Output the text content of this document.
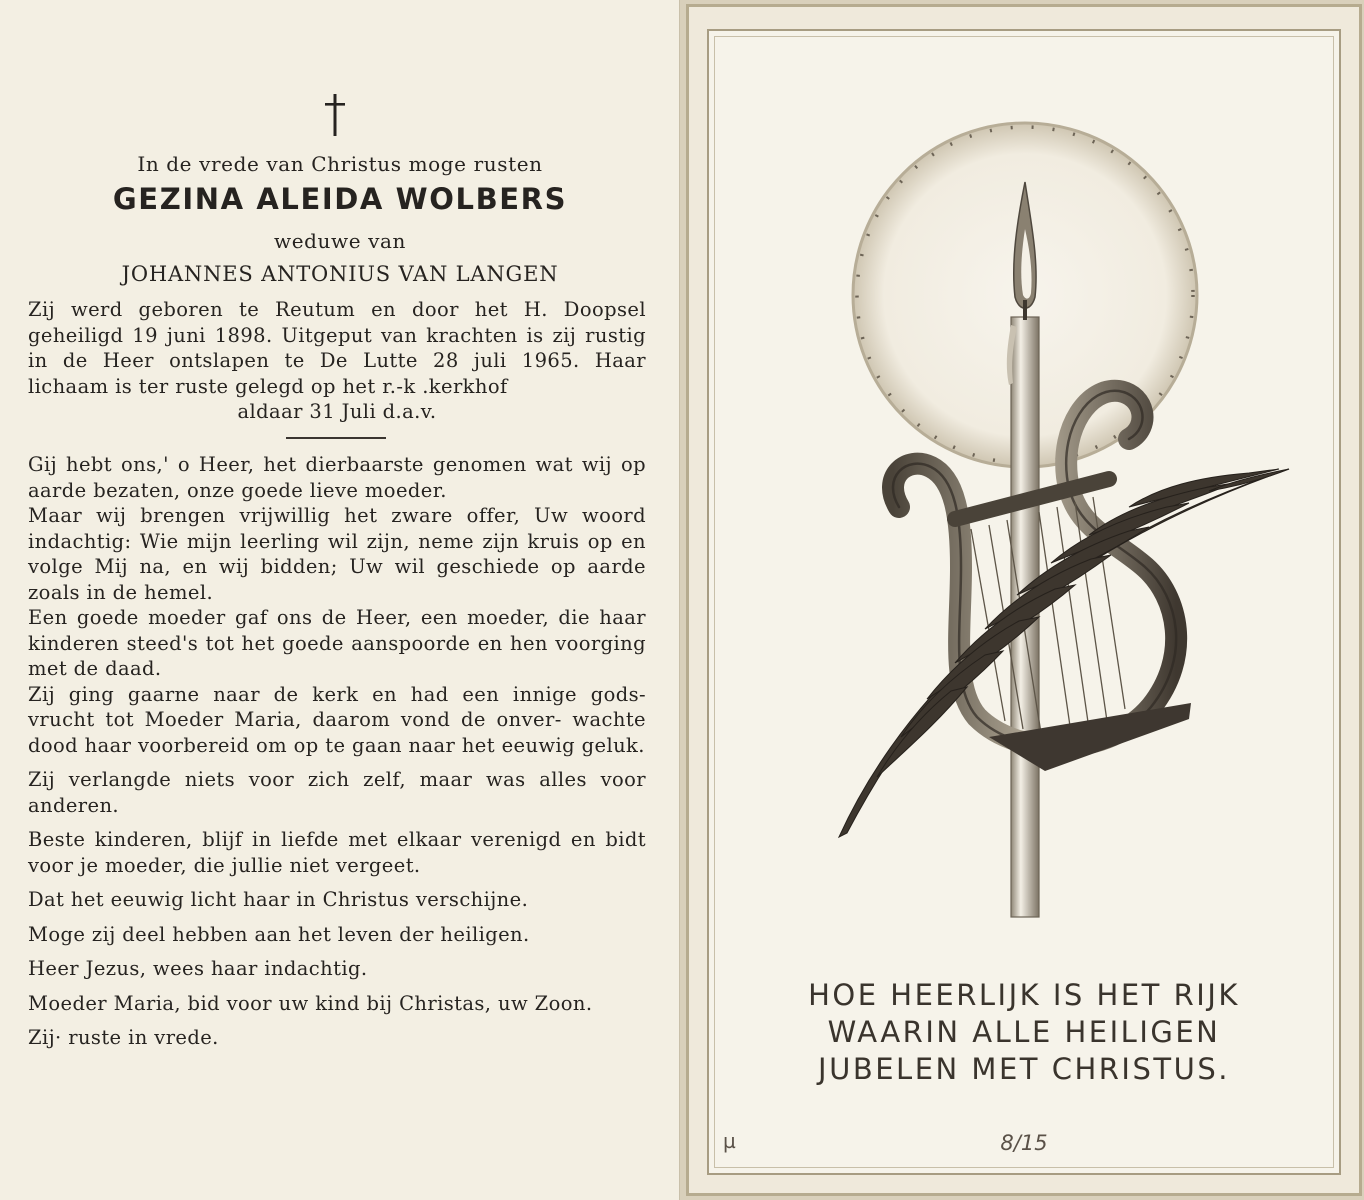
In de vrede van Christus moge rusten
GEZINA ALEIDA WOLBERS
weduwe van
JOHANNES ANTONIUS VAN LANGEN
Zij werd geboren te Reutum en door het H. Doopsel geheiligd 19 juni 1898. Uitgeput van krachten is zij rustig in de Heer ontslapen te De Lutte 28 juli 1965. Haar lichaam is ter ruste gelegd op het r.-k .kerkhof
aldaar 31 Juli d.a.v.

Gij hebt ons,' o Heer, het dierbaarste genomen wat wij op aarde bezaten, onze goede lieve moeder.

Maar wij brengen vrijwillig het zware offer, Uw woord indachtig: Wie mijn leerling wil zijn, neme zijn kruis op en volge Mij na, en wij bidden; Uw wil geschiede op aarde zoals in de hemel.

Een goede moeder gaf ons de Heer, een moeder, die haar kinderen steed's tot het goede aanspoorde en hen voorging met de daad.

Zij ging gaarne naar de kerk en had een innige gods- vrucht tot Moeder Maria, daarom vond de onver- wachte dood haar voorbereid om op te gaan naar het eeuwig geluk.

Zij verlangde niets voor zich zelf, maar was alles voor anderen.

Beste kinderen, blijf in liefde met elkaar verenigd en bidt voor je moeder, die jullie niet vergeet.

Dat het eeuwig licht haar in Christus verschijne.

Moge zij deel hebben aan het leven der heiligen.

Heer Jezus, wees haar indachtig.

Moeder Maria, bid voor uw kind bij Christas, uw Zoon.

Zij· ruste in vrede.

HOE HEERLIJK IS HET RIJK
WAARIN ALLE HEILIGEN
JUBELEN MET CHRISTUS.
µ	8/15
